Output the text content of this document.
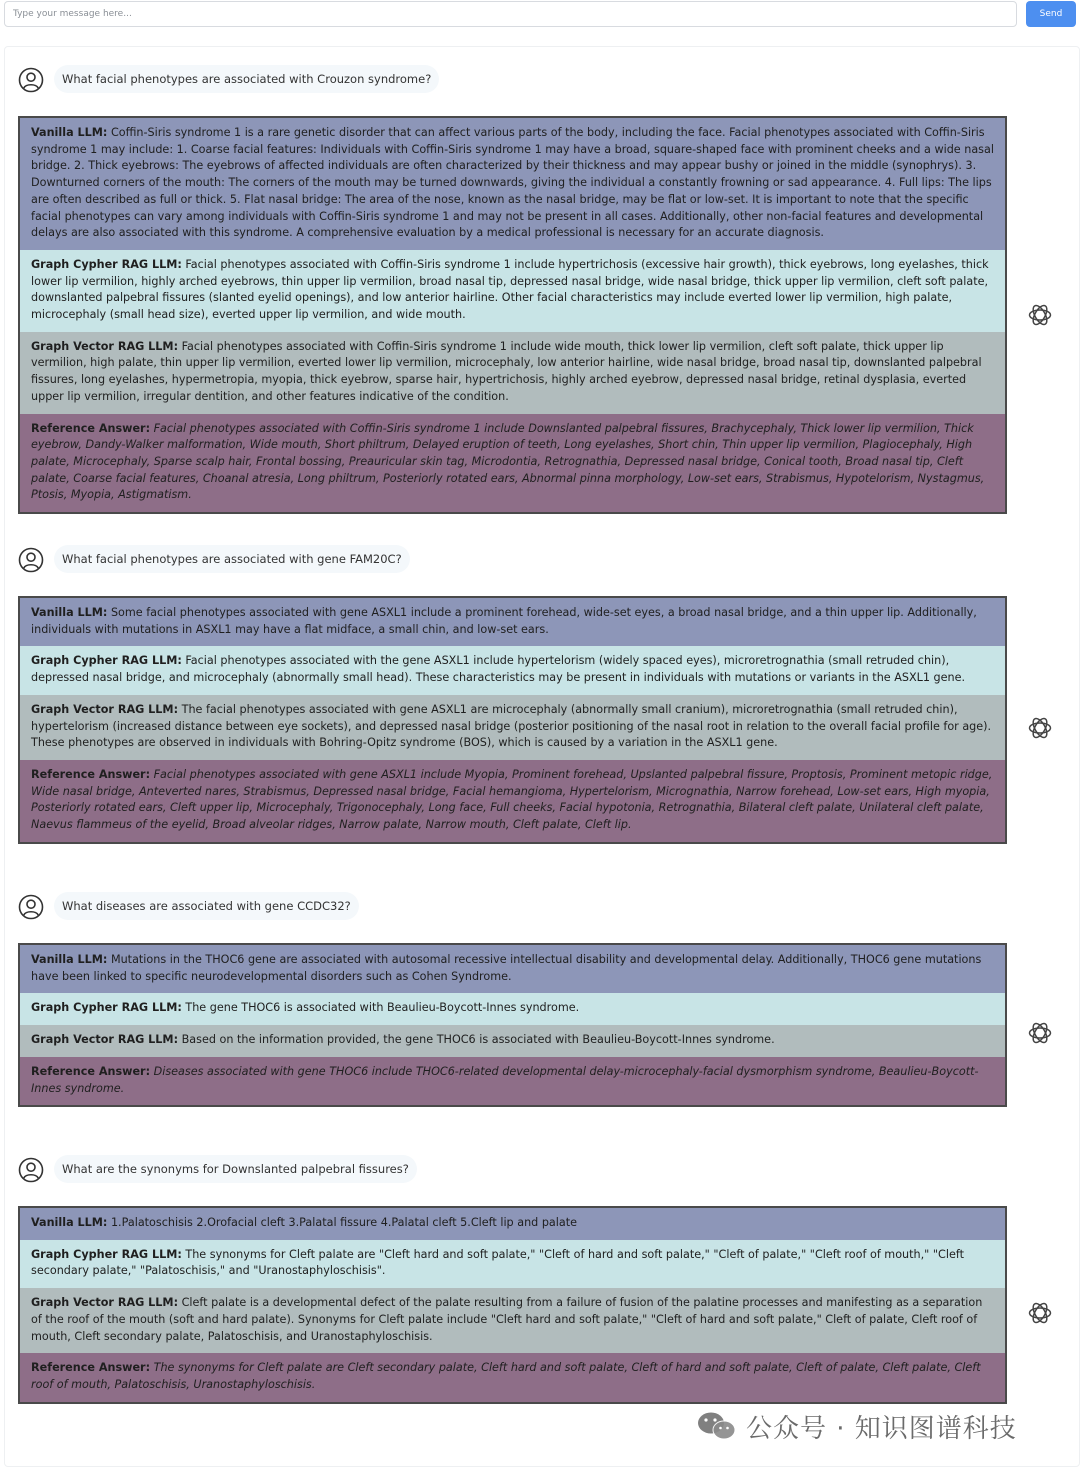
Type your message here...
Send
What facial phenotypes are associated with Crouzon syndrome?
Vanilla LLM: Coffin-Siris syndrome 1 is a rare genetic disorder that can affect various parts of the body, including the face. Facial phenotypes associated with Coffin-Siris syndrome 1 may include: 1. Coarse facial features: Individuals with Coffin-Siris syndrome 1 may have a broad, square-shaped face with prominent cheeks and a wide nasal bridge. 2. Thick eyebrows: The eyebrows of affected individuals are often characterized by their thickness and may appear bushy or joined in the middle (synophrys). 3. Downturned corners of the mouth: The corners of the mouth may be turned downwards, giving the individual a constantly frowning or sad appearance. 4. Full lips: The lips are often described as full or thick. 5. Flat nasal bridge: The area of the nose, known as the nasal bridge, may be flat or low-set. It is important to note that the specific facial phenotypes can vary among individuals with Coffin-Siris syndrome 1 and may not be present in all cases. Additionally, other non-facial features and developmental delays are also associated with this syndrome. A comprehensive evaluation by a medical professional is necessary for an accurate diagnosis.
Graph Cypher RAG LLM: Facial phenotypes associated with Coffin-Siris syndrome 1 include hypertrichosis (excessive hair growth), thick eyebrows, long eyelashes, thick lower lip vermilion, highly arched eyebrows, thin upper lip vermilion, broad nasal tip, depressed nasal bridge, wide nasal bridge, thick upper lip vermilion, cleft soft palate, downslanted palpebral fissures (slanted eyelid openings), and low anterior hairline. Other facial characteristics may include everted lower lip vermilion, high palate, microcephaly (small head size), everted upper lip vermilion, and wide mouth.
Graph Vector RAG LLM: Facial phenotypes associated with Coffin-Siris syndrome 1 include wide mouth, thick lower lip vermilion, cleft soft palate, thick upper lip vermilion, high palate, thin upper lip vermilion, everted lower lip vermilion, microcephaly, low anterior hairline, wide nasal bridge, broad nasal tip, downslanted palpebral fissures, long eyelashes, hypermetropia, myopia, thick eyebrow, sparse hair, hypertrichosis, highly arched eyebrow, depressed nasal bridge, retinal dysplasia, everted upper lip vermilion, irregular dentition, and other features indicative of the condition.
Reference Answer: Facial phenotypes associated with Coffin-Siris syndrome 1 include Downslanted palpebral fissures, Brachycephaly, Thick lower lip vermilion, Thick eyebrow, Dandy-Walker malformation, Wide mouth, Short philtrum, Delayed eruption of teeth, Long eyelashes, Short chin, Thin upper lip vermilion, Plagiocephaly, High palate, Microcephaly, Sparse scalp hair, Frontal bossing, Preauricular skin tag, Microdontia, Retrognathia, Depressed nasal bridge, Conical tooth, Broad nasal tip, Cleft palate, Coarse facial features, Choanal atresia, Long philtrum, Posteriorly rotated ears, Abnormal pinna morphology, Low-set ears, Strabismus, Hypotelorism, Nystagmus, Ptosis, Myopia, Astigmatism.
What facial phenotypes are associated with gene FAM20C?
Vanilla LLM: Some facial phenotypes associated with gene ASXL1 include a prominent forehead, wide-set eyes, a broad nasal bridge, and a thin upper lip. Additionally, individuals with mutations in ASXL1 may have a flat midface, a small chin, and low-set ears.
Graph Cypher RAG LLM: Facial phenotypes associated with the gene ASXL1 include hypertelorism (widely spaced eyes), microretrognathia (small retruded chin), depressed nasal bridge, and microcephaly (abnormally small head). These characteristics may be present in individuals with mutations or variants in the ASXL1 gene.
Graph Vector RAG LLM: The facial phenotypes associated with gene ASXL1 are microcephaly (abnormally small cranium), microretrognathia (small retruded chin), hypertelorism (increased distance between eye sockets), and depressed nasal bridge (posterior positioning of the nasal root in relation to the overall facial profile for age). These phenotypes are observed in individuals with Bohring-Opitz syndrome (BOS), which is caused by a variation in the ASXL1 gene.
Reference Answer: Facial phenotypes associated with gene ASXL1 include Myopia, Prominent forehead, Upslanted palpebral fissure, Proptosis, Prominent metopic ridge, Wide nasal bridge, Anteverted nares, Strabismus, Depressed nasal bridge, Facial hemangioma, Hypertelorism, Micrognathia, Narrow forehead, Low-set ears, High myopia, Posteriorly rotated ears, Cleft upper lip, Microcephaly, Trigonocephaly, Long face, Full cheeks, Facial hypotonia, Retrognathia, Bilateral cleft palate, Unilateral cleft palate, Naevus flammeus of the eyelid, Broad alveolar ridges, Narrow palate, Narrow mouth, Cleft palate, Cleft lip.
What diseases are associated with gene CCDC32?
Vanilla LLM: Mutations in the THOC6 gene are associated with autosomal recessive intellectual disability and developmental delay. Additionally, THOC6 gene mutations have been linked to specific neurodevelopmental disorders such as Cohen Syndrome.
Graph Cypher RAG LLM: The gene THOC6 is associated with Beaulieu-Boycott-Innes syndrome.
Graph Vector RAG LLM: Based on the information provided, the gene THOC6 is associated with Beaulieu-Boycott-Innes syndrome.
Reference Answer: Diseases associated with gene THOC6 include THOC6-related developmental delay-microcephaly-facial dysmorphism syndrome, Beaulieu-Boycott-Innes syndrome.
What are the synonyms for Downslanted palpebral fissures?
Vanilla LLM: 1.Palatoschisis 2.Orofacial cleft 3.Palatal fissure 4.Palatal cleft 5.Cleft lip and palate
Graph Cypher RAG LLM: The synonyms for Cleft palate are "Cleft hard and soft palate," "Cleft of hard and soft palate," "Cleft of palate," "Cleft roof of mouth," "Cleft secondary palate," "Palatoschisis," and "Uranostaphyloschisis".
Graph Vector RAG LLM: Cleft palate is a developmental defect of the palate resulting from a failure of fusion of the palatine processes and manifesting as a separation of the roof of the mouth (soft and hard palate). Synonyms for Cleft palate include "Cleft hard and soft palate," "Cleft of hard and soft palate," Cleft of palate, Cleft roof of mouth, Cleft secondary palate, Palatoschisis, and Uranostaphyloschisis.
Reference Answer: The synonyms for Cleft palate are Cleft secondary palate, Cleft hard and soft palate, Cleft of hard and soft palate, Cleft of palate, Cleft palate, Cleft roof of mouth, Palatoschisis, Uranostaphyloschisis.
公众号 · 知识图谱科技
